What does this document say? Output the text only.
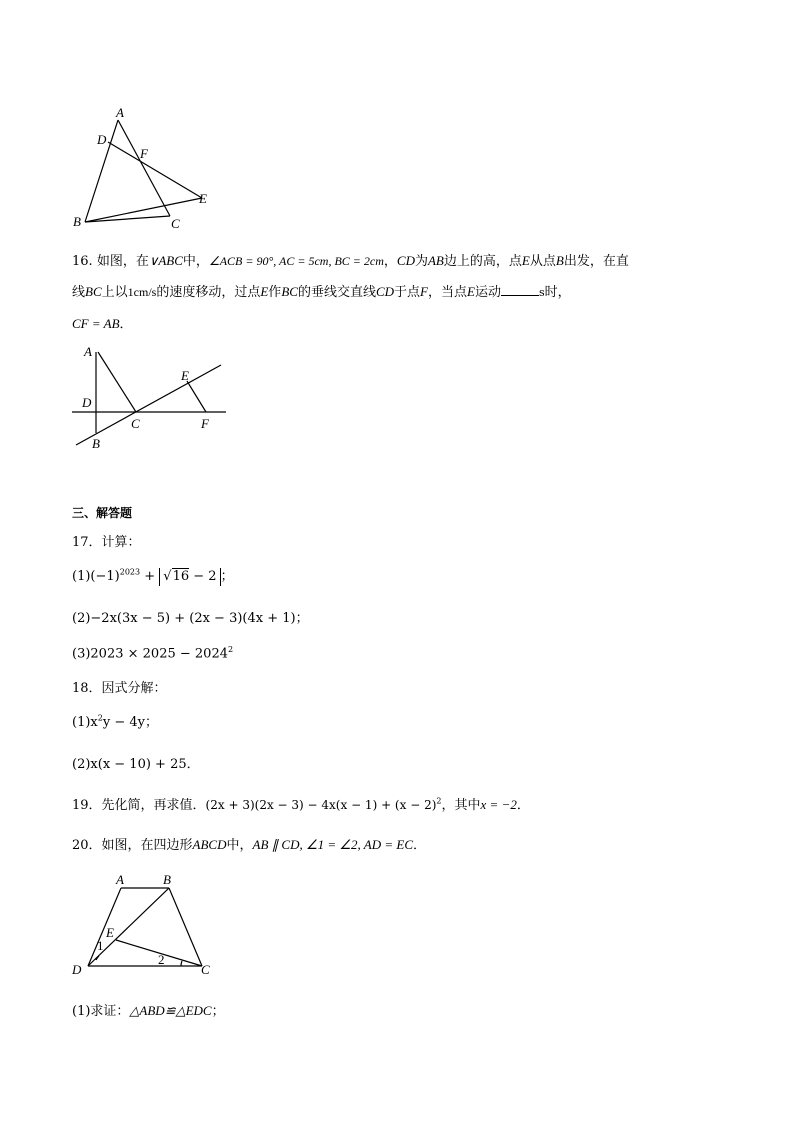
A
D
F
E
B	C
16. 如图，在∨ABC中，∠ACB = 90°, AC = 5cm, BC = 2cm，CD为AB边上的高，点E从点B出发，在直
线BC上以1cm/s的速度移动，过点E作BC的垂线交直线CD于点F，当点E运动	s时，
CF = AB．
A
E
D
C	F
B
三、解答题
17．计算：
$(1)(-1)^{2023} + √16 - 2$ ；
(2)−2x(3x − 5) + (2x − 3)(4x + 1)；
$(3)2023 \times 2025 - 2024^2$
18．因式分解：
$(1)x^2y - 4y$；
(2)x(x − 10) + 25．
19．先化简，再求值．$(2x + 3)(2x - 3) - 4x(x - 1) + (x - 2)^2$，其中x = −2．
20．如图，在四边形ABCD中，AB ∥ CD, ∠1 = ∠2, AD = EC．
A	B
E
1
D
2
C
(1)求证：△ABD≌△EDC；
